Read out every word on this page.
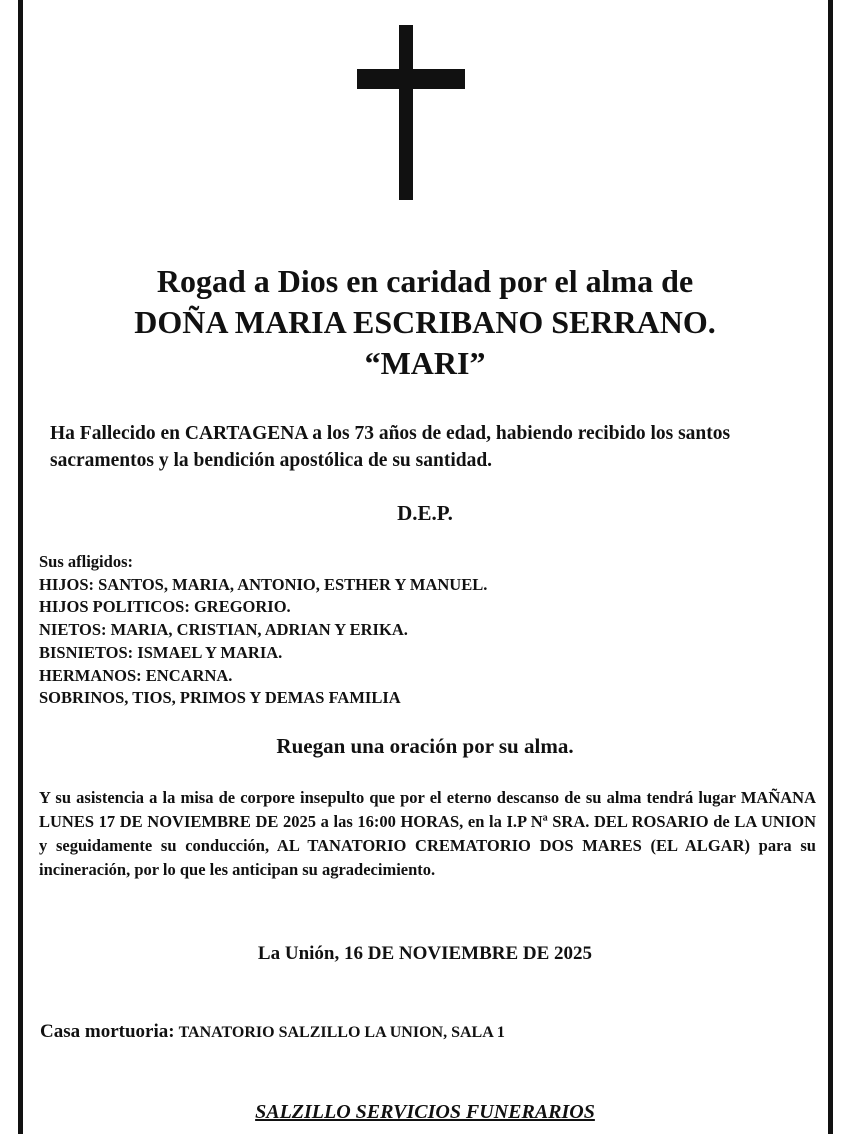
Rogad a Dios en caridad por el alma de
DOÑA MARIA ESCRIBANO SERRANO.
“MARI”
Ha Fallecido en CARTAGENA a los 73 años de edad, habiendo recibido los santos sacramentos y la bendición apostólica de su santidad.
D.E.P.
Sus afligidos:
HIJOS: SANTOS, MARIA, ANTONIO, ESTHER Y MANUEL.
HIJOS POLITICOS: GREGORIO.
NIETOS: MARIA, CRISTIAN, ADRIAN Y ERIKA.
BISNIETOS: ISMAEL Y MARIA.
HERMANOS: ENCARNA.
SOBRINOS, TIOS, PRIMOS Y DEMAS FAMILIA
Ruegan una oración por su alma.
Y su asistencia a la misa de corpore insepulto que por el eterno descanso de su alma tendrá lugar MAÑANA LUNES 17 DE NOVIEMBRE DE 2025 a las 16:00 HORAS, en la I.P Nª SRA. DEL ROSARIO de LA UNION y seguidamente su conducción, AL TANATORIO CREMATORIO DOS MARES (EL ALGAR) para su incineración, por lo que les anticipan su agradecimiento.
La Unión, 16 DE NOVIEMBRE DE 2025
Casa mortuoria: TANATORIO SALZILLO LA UNION, SALA 1
SALZILLO SERVICIOS FUNERARIOS
